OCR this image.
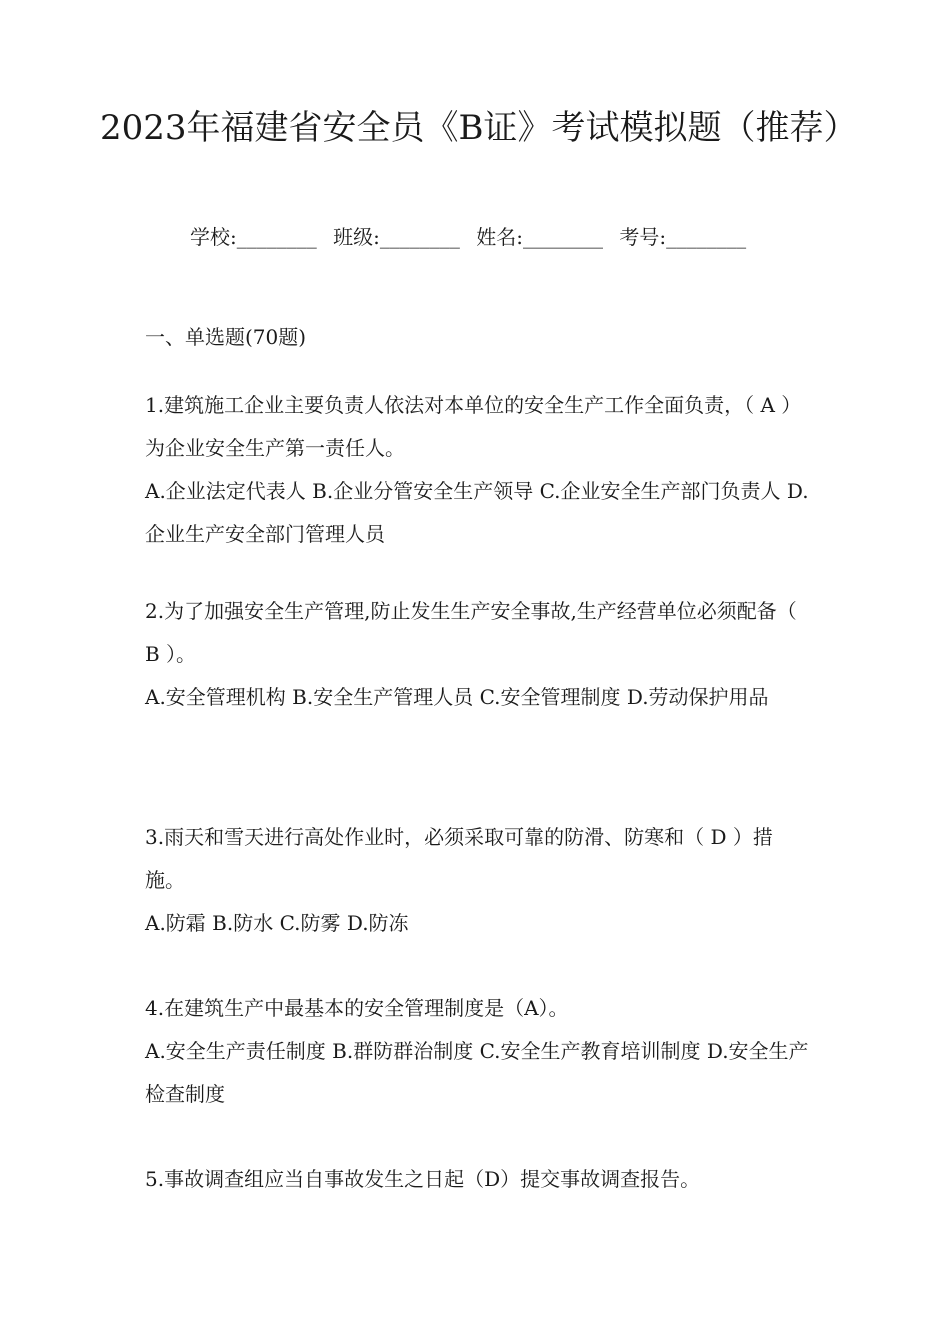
2023年福建省安全员《B证》考试模拟题（推荐）
学校:________ 班级:________ 姓名:________ 考号:________
一、单选题(70题)

1.建筑施工企业主要负责人依法对本单位的安全生产工作全面负责，（ A ）为企业安全生产第一责任人。

A.企业法定代表人 B.企业分管安全生产领导 C.企业安全生产部门负责人 D.企业生产安全部门管理人员

2.为了加强安全生产管理,防止发生生产安全事故,生产经营单位必须配备（ B ）。

A.安全管理机构 B.安全生产管理人员 C.安全管理制度 D.劳动保护用品

3.雨天和雪天进行高处作业时，必须采取可靠的防滑、防寒和（ D ）措施。

A.防霜 B.防水 C.防雾 D.防冻

4.在建筑生产中最基本的安全管理制度是（A）。

A.安全生产责任制度 B.群防群治制度 C.安全生产教育培训制度 D.安全生产检查制度

5.事故调查组应当自事故发生之日起（D）提交事故调查报告。
